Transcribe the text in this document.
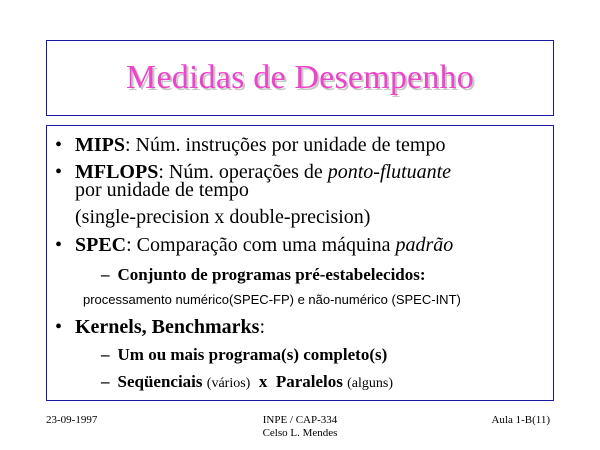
Medidas de Desempenho
• MIPS: Núm. instruções por unidade de tempo
• MFLOPS: Núm. operações de ponto-flutuante
por unidade de tempo
(single-precision x double-precision)
• SPEC: Comparação com uma máquina padrão
– Conjunto de programas pré-estabelecidos:
processamento numérico(SPEC-FP) e não-numérico (SPEC-INT)
• Kernels, Benchmarks:
– Um ou mais programa(s) completo(s)
– Seqüenciais (vários) x Paralelos (alguns)
23-09-1997	INPE / CAP-334
Celso L. Mendes
Aula 1-B(11)
